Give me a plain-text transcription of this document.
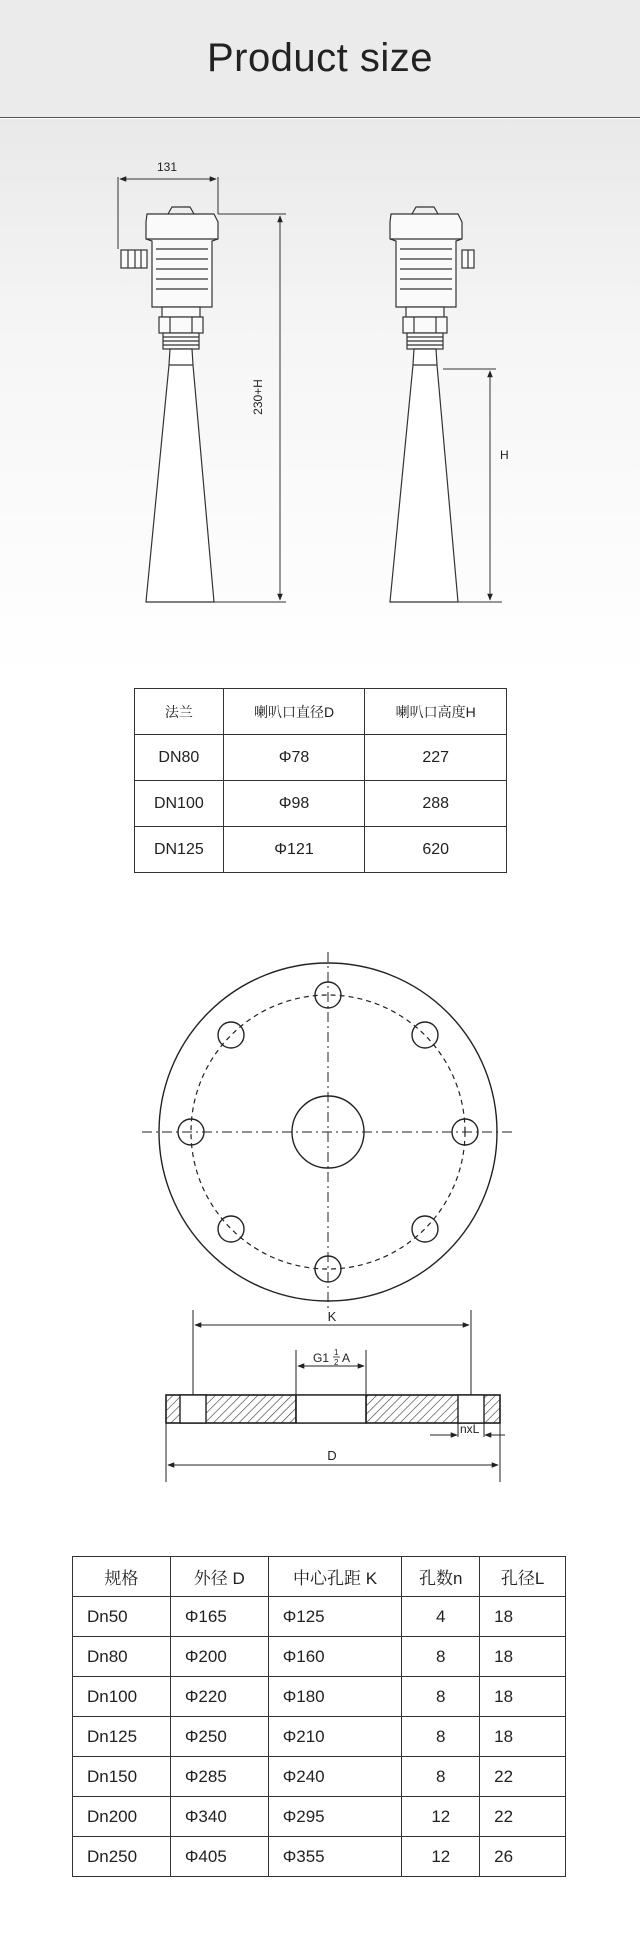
Product size
131
230+H
H
法兰	喇叭口直径D	喇叭口高度H
DN80	Φ78	227
DN100	Φ98	288
DN125	Φ121	620
K
G1 1
2 A
nxL
D
规格	外径 D	中心孔距 K	孔数n	孔径L
Dn50	Φ165	Φ125	4	18
Dn80	Φ200	Φ160	8	18
Dn100	Φ220	Φ180	8	18
Dn125	Φ250	Φ210	8	18
Dn150	Φ285	Φ240	8	22
Dn200	Φ340	Φ295	12	22
Dn250	Φ405	Φ355	12	26
